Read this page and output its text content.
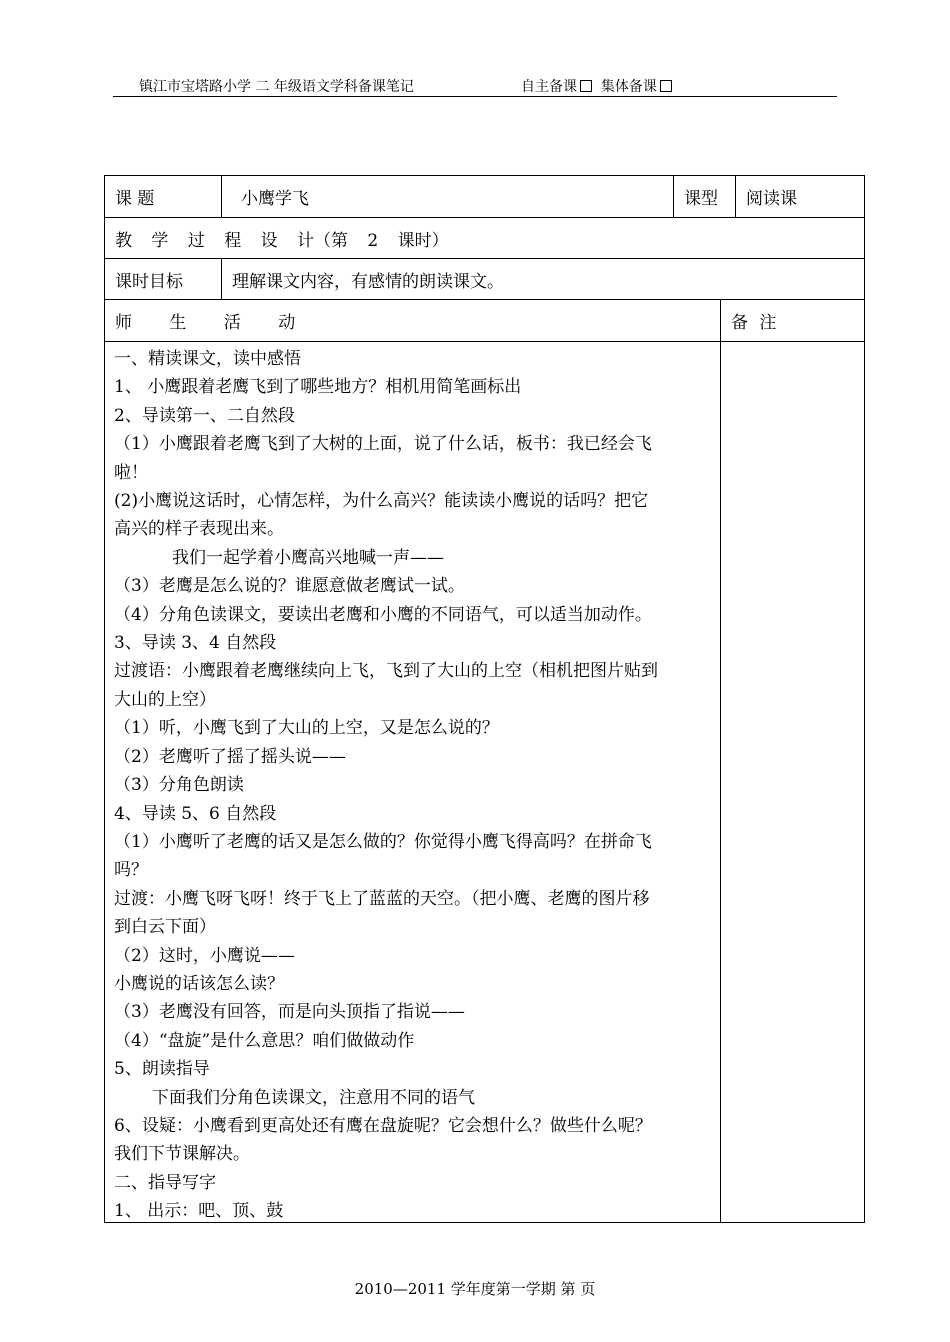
镇江市宝塔路小学 二 年级语文学科备课笔记	自主备课 集体备课
课 题	小鹰学飞	课型	阅读课
教 学 过 程 设 计（第 2 课时）
课时目标	理解课文内容，有感情的朗读课文。
师 生 活 动	备 注
一、精读课文，读中感悟
1、 小鹰跟着老鹰飞到了哪些地方？相机用简笔画标出
2、导读第一、二自然段
（1）小鹰跟着老鹰飞到了大树的上面，说了什么话，板书：我已经会飞
啦！
(2)小鹰说这话时，心情怎样，为什么高兴？能读读小鹰说的话吗？把它
高兴的样子表现出来。
我们一起学着小鹰高兴地喊一声——
（3）老鹰是怎么说的？谁愿意做老鹰试一试。
（4）分角色读课文，要读出老鹰和小鹰的不同语气，可以适当加动作。
3、导读 3、4 自然段
过渡语：小鹰跟着老鹰继续向上飞，飞到了大山的上空（相机把图片贴到
大山的上空）
（1）听，小鹰飞到了大山的上空，又是怎么说的？
（2）老鹰听了摇了摇头说——
（3）分角色朗读
4、导读 5、6 自然段
（1）小鹰听了老鹰的话又是怎么做的？你觉得小鹰飞得高吗？在拼命飞
吗？
过渡：小鹰飞呀飞呀！终于飞上了蓝蓝的天空。（把小鹰、老鹰的图片移
到白云下面）
（2）这时，小鹰说——
小鹰说的话该怎么读？
（3）老鹰没有回答，而是向头顶指了指说——
（4）“盘旋”是什么意思？咱们做做动作
5、朗读指导
下面我们分角色读课文，注意用不同的语气
6、设疑：小鹰看到更高处还有鹰在盘旋呢？它会想什么？做些什么呢？
我们下节课解决。
二、指导写字
1、 出示：吧、顶、鼓
2010—2011 学年度第一学期 第 页
